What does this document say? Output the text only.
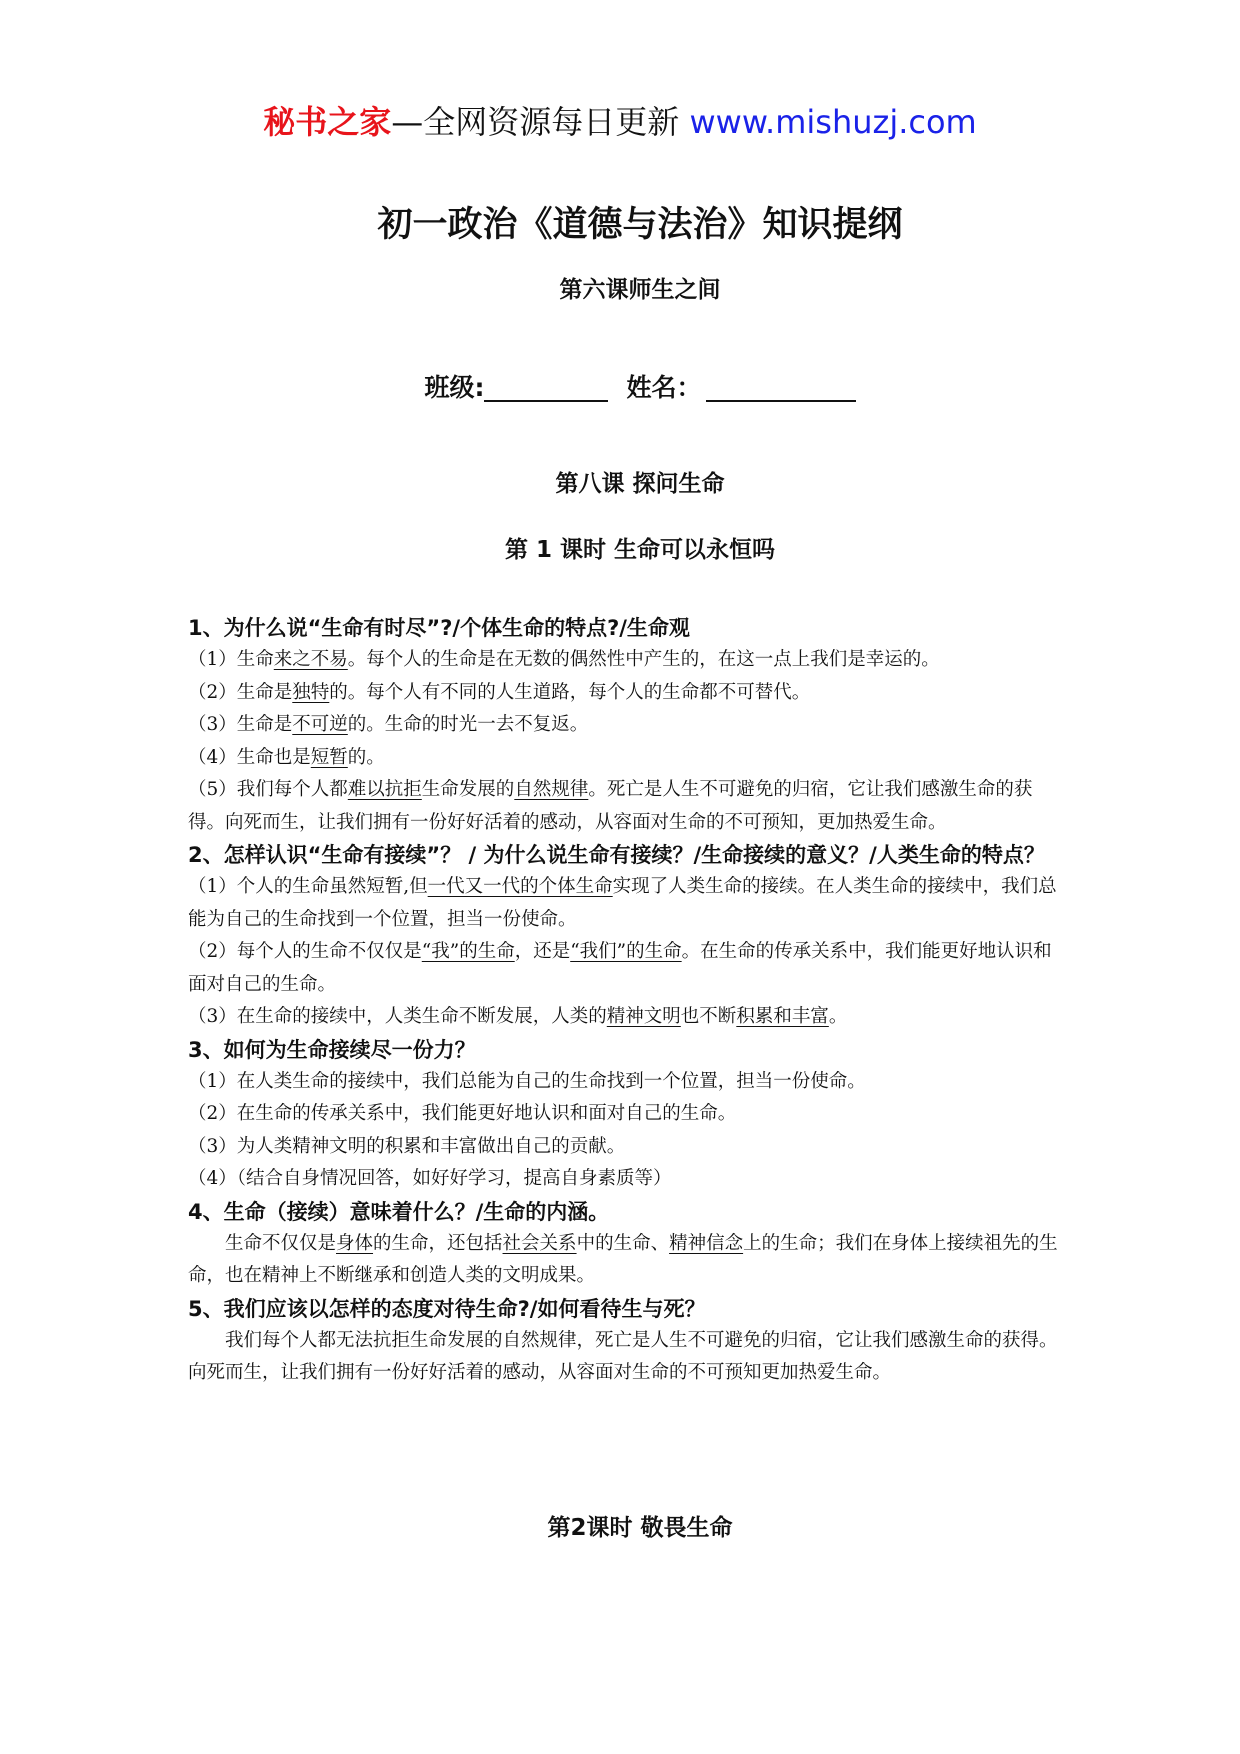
秘书之家—全网资源每日更新 www.mishuzj.com
初一政治《道德与法治》知识提纲
第六课师生之间
班级:	姓名：
第八课 探问生命
第 1 课时 生命可以永恒吗

1、为什么说“生命有时尽”?/个体生命的特点?/生命观

（1）生命来之不易。每个人的生命是在无数的偶然性中产生的，在这一点上我们是幸运的。

（2）生命是独特的。每个人有不同的人生道路，每个人的生命都不可替代。

（3）生命是不可逆的。生命的时光一去不复返。

（4）生命也是短暂的。

（5）我们每个人都难以抗拒生命发展的自然规律。死亡是人生不可避免的归宿，它让我们感激生命的获得。向死而生，让我们拥有一份好好活着的感动，从容面对生命的不可预知，更加热爱生命。

2、怎样认识“生命有接续”？ / 为什么说生命有接续？/生命接续的意义？/人类生命的特点？

（1）个人的生命虽然短暂,但一代又一代的个体生命实现了人类生命的接续。在人类生命的接续中，我们总能为自己的生命找到一个位置，担当一份使命。

（2）每个人的生命不仅仅是“我”的生命，还是“我们”的生命。在生命的传承关系中，我们能更好地认识和面对自己的生命。

（3）在生命的接续中，人类生命不断发展，人类的精神文明也不断积累和丰富。

3、如何为生命接续尽一份力？

（1）在人类生命的接续中，我们总能为自己的生命找到一个位置，担当一份使命。

（2）在生命的传承关系中，我们能更好地认识和面对自己的生命。

（3）为人类精神文明的积累和丰富做出自己的贡献。

（4）（结合自身情况回答，如好好学习，提高自身素质等）

4、生命（接续）意味着什么？/生命的内涵。

生命不仅仅是身体的生命，还包括社会关系中的生命、精神信念上的生命；我们在身体上接续祖先的生命，也在精神上不断继承和创造人类的文明成果。

5、我们应该以怎样的态度对待生命?/如何看待生与死？

我们每个人都无法抗拒生命发展的自然规律，死亡是人生不可避免的归宿，它让我们感激生命的获得。向死而生，让我们拥有一份好好活着的感动，从容面对生命的不可预知更加热爱生命。

第2课时 敬畏生命
